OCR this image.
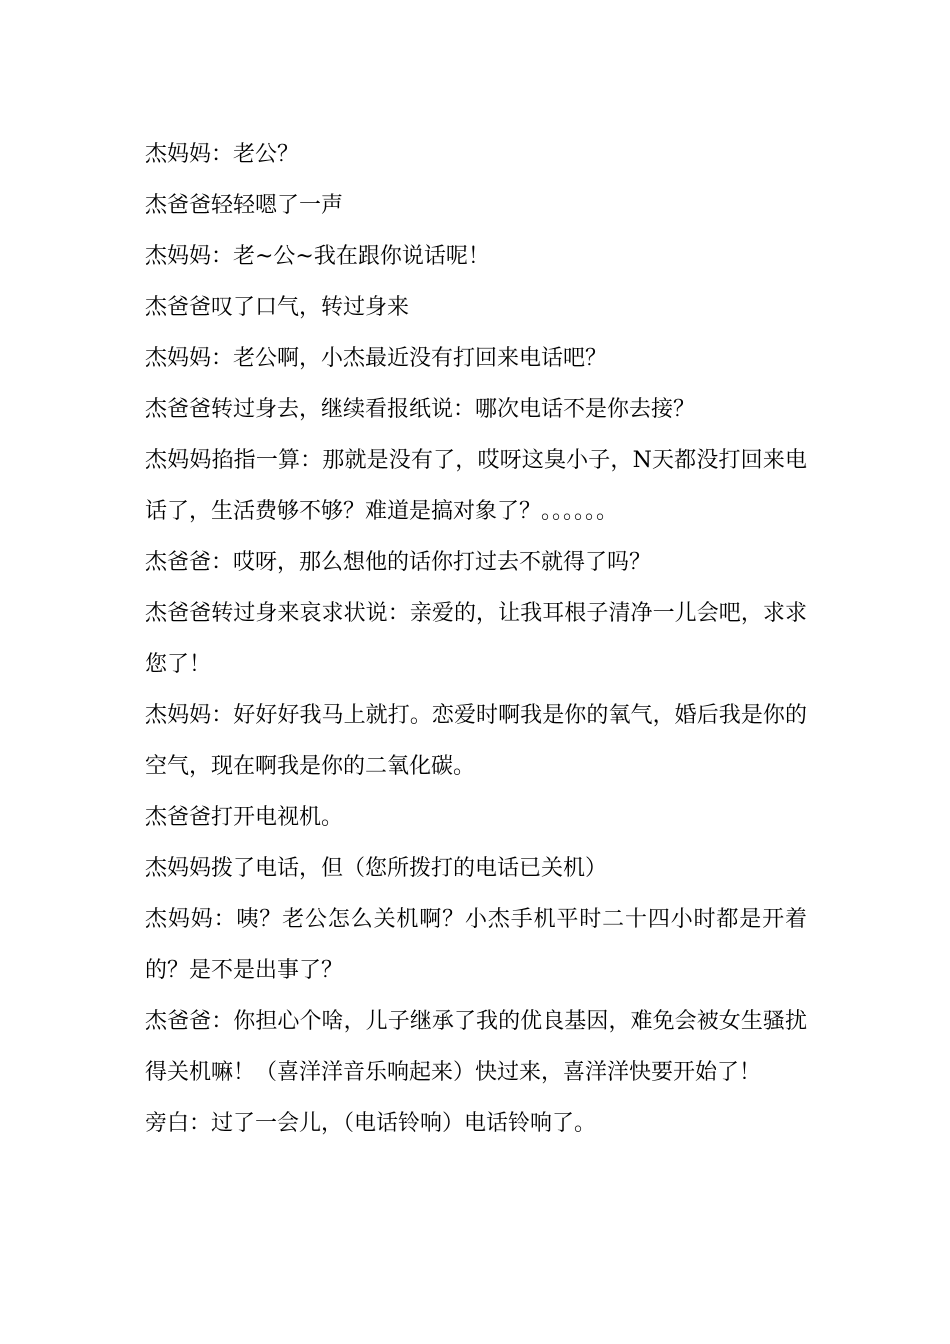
杰妈妈：老公？

杰爸爸轻轻嗯了一声

杰妈妈：老~公~我在跟你说话呢！

杰爸爸叹了口气，转过身来

杰妈妈：老公啊，小杰最近没有打回来电话吧？

杰爸爸转过身去，继续看报纸说：哪次电话不是你去接？

杰妈妈掐指一算：那就是没有了，哎呀这臭小子，N天都没打回来电话了，生活费够不够？难道是搞对象了？。。。。。。

杰爸爸：哎呀，那么想他的话你打过去不就得了吗？

杰爸爸转过身来哀求状说：亲爱的，让我耳根子清净一儿会吧，求求您了！

杰妈妈：好好好我马上就打。恋爱时啊我是你的氧气，婚后我是你的空气，现在啊我是你的二氧化碳。

杰爸爸打开电视机。

杰妈妈拨了电话，但（您所拨打的电话已关机）

杰妈妈：咦？老公怎么关机啊？小杰手机平时二十四小时都是开着的？是不是出事了？

杰爸爸：你担心个啥，儿子继承了我的优良基因，难免会被女生骚扰得关机嘛！（喜洋洋音乐响起来）快过来，喜洋洋快要开始了！

旁白：过了一会儿，（电话铃响）电话铃响了。
